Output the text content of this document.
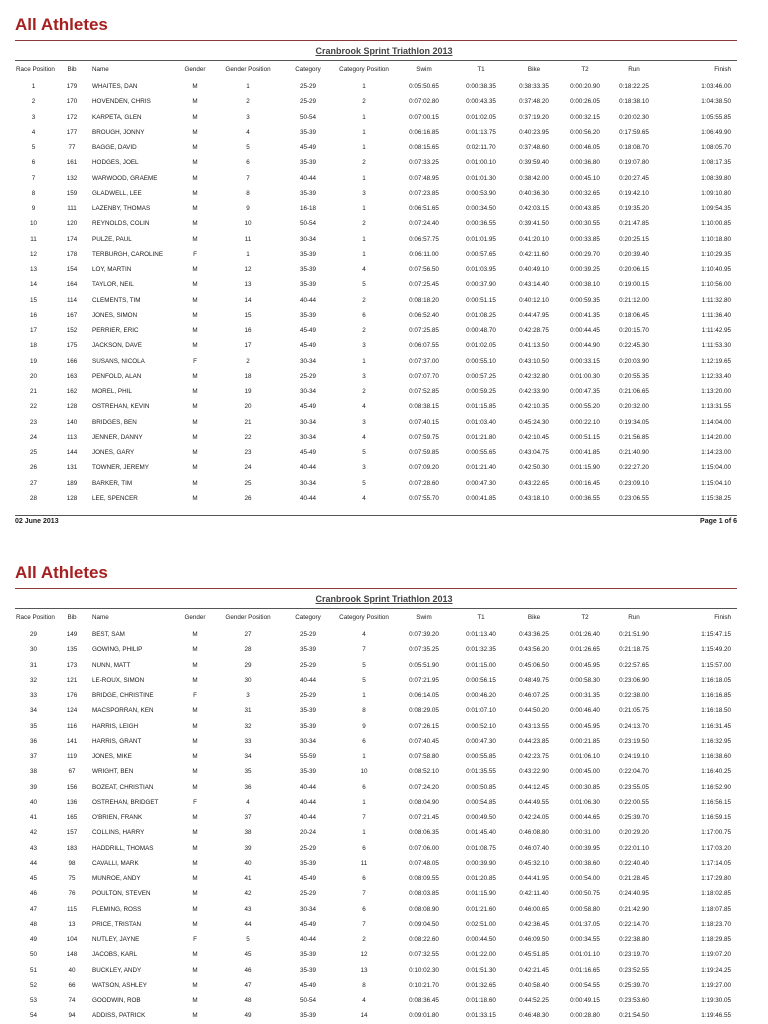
All Athletes
Cranbrook Sprint Triathlon 2013
Race Position	Bib	Name	Gender	Gender Position	Category	Category Position	Swim	T1	Bike	T2	Run	Finish
1	179	WHAITES, DAN	M	1	25-29	1	0:05:50.65	0:00:38.35	0:38:33.35	0:00:20.90	0:18:22.25	1:03:46.00
2	170	HOVENDEN, CHRIS	M	2	25-29	2	0:07:02.80	0:00:43.35	0:37:48.20	0:00:26.05	0:18:38.10	1:04:38.50
3	172	KARPETA, GLEN	M	3	50-54	1	0:07:00.15	0:01:02.05	0:37:19.20	0:00:32.15	0:20:02.30	1:05:55.85
4	177	BROUGH, JONNY	M	4	35-39	1	0:06:16.85	0:01:13.75	0:40:23.95	0:00:56.20	0:17:59.65	1:06:49.90
5	77	BAGGE, DAVID	M	5	45-49	1	0:08:15.65	0:02:11.70	0:37:48.60	0:00:46.05	0:18:08.70	1:08:05.70
6	161	HODGES, JOEL	M	6	35-39	2	0:07:33.25	0:01:00.10	0:39:59.40	0:00:36.80	0:19:07.80	1:08:17.35
7	132	WARWOOD, GRAEME	M	7	40-44	1	0:07:48.95	0:01:01.30	0:38:42.00	0:00:45.10	0:20:27.45	1:08:39.80
8	159	GLADWELL, LEE	M	8	35-39	3	0:07:23.85	0:00:53.90	0:40:36.30	0:00:32.65	0:19:42.10	1:09:10.80
9	111	LAZENBY, THOMAS	M	9	16-18	1	0:06:51.65	0:00:34.50	0:42:03.15	0:00:43.85	0:19:35.20	1:09:54.35
10	120	REYNOLDS, COLIN	M	10	50-54	2	0:07:24.40	0:00:36.55	0:39:41.50	0:00:30.55	0:21:47.85	1:10:00.85
11	174	PULZE, PAUL	M	11	30-34	1	0:06:57.75	0:01:01.95	0:41:20.10	0:00:33.85	0:20:25.15	1:10:18.80
12	178	TERBURGH, CAROLINE	F	1	35-39	1	0:06:11.00	0:00:57.65	0:42:11.60	0:00:29.70	0:20:39.40	1:10:29.35
13	154	LOY, MARTIN	M	12	35-39	4	0:07:56.50	0:01:03.95	0:40:49.10	0:00:39.25	0:20:06.15	1:10:40.95
14	164	TAYLOR, NEIL	M	13	35-39	5	0:07:25.45	0:00:37.90	0:43:14.40	0:00:38.10	0:19:00.15	1:10:56.00
15	114	CLEMENTS, TIM	M	14	40-44	2	0:08:18.20	0:00:51.15	0:40:12.10	0:00:59.35	0:21:12.00	1:11:32.80
16	167	JONES, SIMON	M	15	35-39	6	0:06:52.40	0:01:08.25	0:44:47.95	0:00:41.35	0:18:06.45	1:11:36.40
17	152	PERRIER, ERIC	M	16	45-49	2	0:07:25.85	0:00:48.70	0:42:28.75	0:00:44.45	0:20:15.70	1:11:42.95
18	175	JACKSON, DAVE	M	17	45-49	3	0:06:07.55	0:01:02.05	0:41:13.50	0:00:44.90	0:22:45.30	1:11:53.30
19	166	SUSANS, NICOLA	F	2	30-34	1	0:07:37.00	0:00:55.10	0:43:10.50	0:00:33.15	0:20:03.90	1:12:19.65
20	163	PENFOLD, ALAN	M	18	25-29	3	0:07:07.70	0:00:57.25	0:42:32.80	0:01:00.30	0:20:55.35	1:12:33.40
21	162	MOREL, PHIL	M	19	30-34	2	0:07:52.85	0:00:59.25	0:42:33.90	0:00:47.35	0:21:06.65	1:13:20.00
22	128	OSTREHAN, KEVIN	M	20	45-49	4	0:08:38.15	0:01:15.85	0:42:10.35	0:00:55.20	0:20:32.00	1:13:31.55
23	140	BRIDGES, BEN	M	21	30-34	3	0:07:40.15	0:01:03.40	0:45:24.30	0:00:22.10	0:19:34.05	1:14:04.00
24	113	JENNER, DANNY	M	22	30-34	4	0:07:59.75	0:01:21.80	0:42:10.45	0:00:51.15	0:21:56.85	1:14:20.00
25	144	JONES, GARY	M	23	45-49	5	0:07:59.85	0:00:55.65	0:43:04.75	0:00:41.85	0:21:40.90	1:14:23.00
26	131	TOWNER, JEREMY	M	24	40-44	3	0:07:09.20	0:01:21.40	0:42:50.30	0:01:15.90	0:22:27.20	1:15:04.00
27	189	BARKER, TIM	M	25	30-34	5	0:07:28.60	0:00:47.30	0:43:22.65	0:00:16.45	0:23:09.10	1:15:04.10
28	128	LEE, SPENCER	M	26	40-44	4	0:07:55.70	0:00:41.85	0:43:18.10	0:00:36.55	0:23:06.55	1:15:38.25
02 June 2013	Page 1 of 6
All Athletes
Cranbrook Sprint Triathlon 2013
Race Position	Bib	Name	Gender	Gender Position	Category	Category Position	Swim	T1	Bike	T2	Run	Finish
29	149	BEST, SAM	M	27	25-29	4	0:07:39.20	0:01:13.40	0:43:36.25	0:01:26.40	0:21:51.90	1:15:47.15
30	135	GOWING, PHILIP	M	28	35-39	7	0:07:35.25	0:01:32.35	0:43:56.20	0:01:26.65	0:21:18.75	1:15:49.20
31	173	NUNN, MATT	M	29	25-29	5	0:05:51.90	0:01:15.00	0:45:06.50	0:00:45.95	0:22:57.65	1:15:57.00
32	121	LE-ROUX, SIMON	M	30	40-44	5	0:07:21.95	0:00:56.15	0:48:49.75	0:00:58.30	0:23:06.90	1:16:18.05
33	176	BRIDGE, CHRISTINE	F	3	25-29	1	0:06:14.05	0:00:46.20	0:46:07.25	0:00:31.35	0:22:38.00	1:16:16.85
34	124	MACSPORRAN, KEN	M	31	35-39	8	0:08:29.05	0:01:07.10	0:44:50.20	0:00:46.40	0:21:05.75	1:16:18.50
35	116	HARRIS, LEIGH	M	32	35-39	9	0:07:26.15	0:00:52.10	0:43:13.55	0:00:45.95	0:24:13.70	1:16:31.45
36	141	HARRIS, GRANT	M	33	30-34	6	0:07:40.45	0:00:47.30	0:44:23.85	0:00:21.85	0:23:19.50	1:16:32.95
37	119	JONES, MIKE	M	34	55-59	1	0:07:58.80	0:00:55.85	0:42:23.75	0:01:06.10	0:24:19.10	1:16:38.60
38	67	WRIGHT, BEN	M	35	35-39	10	0:08:52.10	0:01:35.55	0:43:22.90	0:00:45.00	0:22:04.70	1:16:40.25
39	156	BOZEAT, CHRISTIAN	M	36	40-44	6	0:07:24.20	0:00:50.85	0:44:12.45	0:00:30.85	0:23:55.05	1:16:52.90
40	136	OSTREHAN, BRIDGET	F	4	40-44	1	0:08:04.90	0:00:54.85	0:44:49.55	0:01:06.30	0:22:00.55	1:16:56.15
41	165	O'BRIEN, FRANK	M	37	40-44	7	0:07:21.45	0:00:49.50	0:42:24.05	0:00:44.65	0:25:39.70	1:16:59.15
42	157	COLLINS, HARRY	M	38	20-24	1	0:08:06.35	0:01:45.40	0:46:08.80	0:00:31.00	0:20:29.20	1:17:00.75
43	183	HADDRILL, THOMAS	M	39	25-29	6	0:07:06.00	0:01:08.75	0:46:07.40	0:00:39.95	0:22:01.10	1:17:03.20
44	98	CAVALLI, MARK	M	40	35-39	11	0:07:48.05	0:00:39.90	0:45:32.10	0:00:38.60	0:22:40.40	1:17:14.05
45	75	MUNROE, ANDY	M	41	45-49	6	0:08:09.55	0:01:20.85	0:44:41.95	0:00:54.00	0:21:28.45	1:17:29.80
46	76	POULTON, STEVEN	M	42	25-29	7	0:08:03.85	0:01:15.90	0:42:11.40	0:00:50.75	0:24:40.95	1:18:02.85
47	115	FLEMING, ROSS	M	43	30-34	6	0:08:08.90	0:01:21.60	0:46:00.65	0:00:58.80	0:21:42.90	1:18:07.85
48	13	PRICE, TRISTAN	M	44	45-49	7	0:09:04.50	0:02:51.00	0:42:36.45	0:01:37.05	0:22:14.70	1:18:23.70
49	104	NUTLEY, JAYNE	F	5	40-44	2	0:08:22.60	0:00:44.50	0:46:09.50	0:00:34.55	0:22:38.80	1:18:29.85
50	148	JACOBS, KARL	M	45	35-39	12	0:07:32.55	0:01:22.00	0:45:51.85	0:01:01.10	0:23:19.70	1:19:07.20
51	40	BUCKLEY, ANDY	M	46	35-39	13	0:10:02.30	0:01:51.30	0:42:21.45	0:01:16.65	0:23:52.55	1:19:24.25
52	66	WATSON, ASHLEY	M	47	45-49	8	0:10:21.70	0:01:32.65	0:40:58.40	0:00:54.55	0:25:39.70	1:19:27.00
53	74	GOODWIN, ROB	M	48	50-54	4	0:08:36.45	0:01:18.60	0:44:52.25	0:00:49.15	0:23:53.60	1:19:30.05
54	94	ADDISS, PATRICK	M	49	35-39	14	0:09:01.80	0:01:33.15	0:46:48.30	0:00:28.80	0:21:54.50	1:19:46.55
